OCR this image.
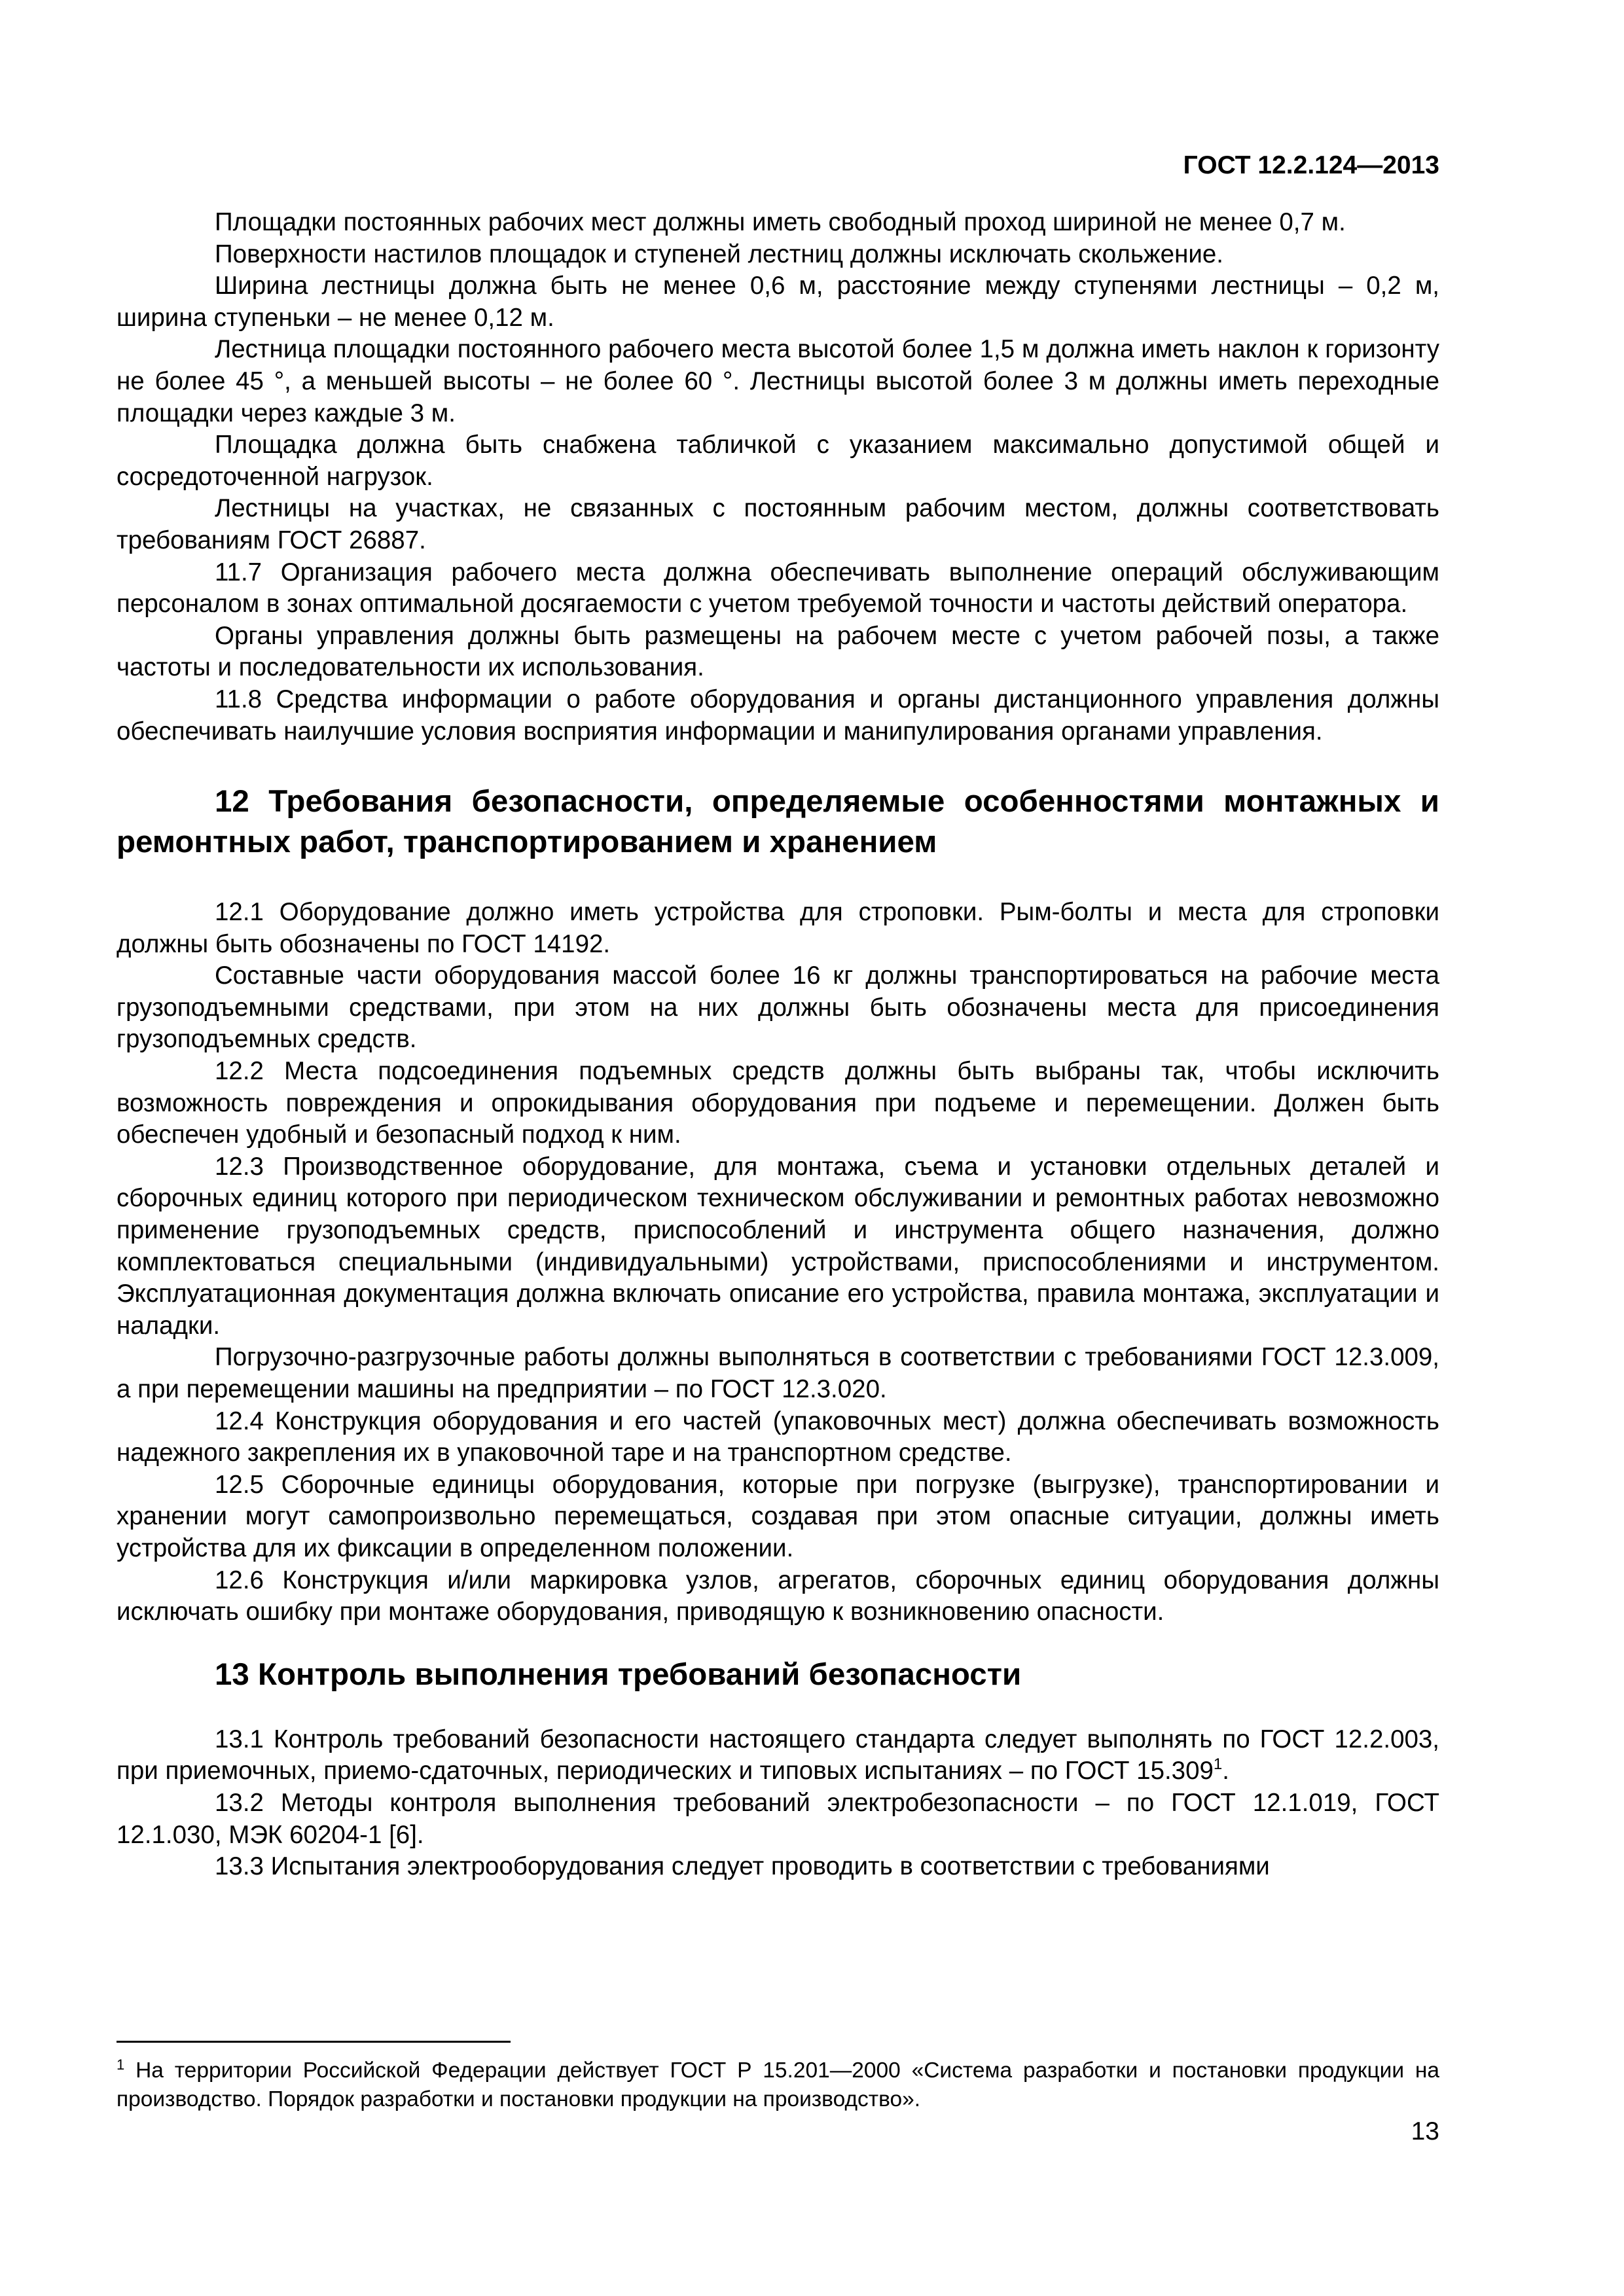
ГОСТ 12.2.124—2013

Площадки постоянных рабочих мест должны иметь свободный проход шириной не менее 0,7 м.

Поверхности настилов площадок и ступеней лестниц должны исключать скольжение.

Ширина лестницы должна быть не менее 0,6 м, расстояние между ступенями лестницы – 0,2 м, ширина ступеньки – не менее 0,12 м.

Лестница площадки постоянного рабочего места высотой более 1,5 м должна иметь наклон к горизонту не более 45 °, а меньшей высоты – не более 60 °. Лестницы высотой более 3 м должны иметь переходные площадки через каждые 3 м.

Площадка должна быть снабжена табличкой с указанием максимально допустимой общей и сосредоточенной нагрузок.

Лестницы на участках, не связанных с постоянным рабочим местом, должны соответствовать требованиям ГОСТ 26887.

11.7 Организация рабочего места должна обеспечивать выполнение операций обслуживающим персоналом в зонах оптимальной досягаемости с учетом требуемой точности и частоты действий оператора.

Органы управления должны быть размещены на рабочем месте с учетом рабочей позы, а также частоты и последовательности их использования.

11.8 Средства информации о работе оборудования и органы дистанционного управления должны обеспечивать наилучшие условия восприятия информации и манипулирования органами управления.

12 Требования безопасности, определяемые особенностями монтажных и ремонтных работ, транспортированием и хранением

12.1 Оборудование должно иметь устройства для строповки. Рым-болты и места для строповки должны быть обозначены по ГОСТ 14192.

Составные части оборудования массой более 16 кг должны транспортироваться на рабочие места грузоподъемными средствами, при этом на них должны быть обозначены места для присоединения грузоподъемных средств.

12.2 Места подсоединения подъемных средств должны быть выбраны так, чтобы исключить возможность повреждения и опрокидывания оборудования при подъеме и перемещении. Должен быть обеспечен удобный и безопасный подход к ним.

12.3 Производственное оборудование, для монтажа, съема и установки отдельных деталей и сборочных единиц которого при периодическом техническом обслуживании и ремонтных работах невозможно применение грузоподъемных средств, приспособлений и инструмента общего назначения, должно комплектоваться специальными (индивидуальными) устройствами, приспособлениями и инструментом. Эксплуатационная документация должна включать описание его устройства, правила монтажа, эксплуатации и наладки.

Погрузочно-разгрузочные работы должны выполняться в соответствии с требованиями ГОСТ 12.3.009, а при перемещении машины на предприятии – по ГОСТ 12.3.020.

12.4 Конструкция оборудования и его частей (упаковочных мест) должна обеспечивать возможность надежного закрепления их в упаковочной таре и на транспортном средстве.

12.5 Сборочные единицы оборудования, которые при погрузке (выгрузке), транспортировании и хранении могут самопроизвольно перемещаться, создавая при этом опасные ситуации, должны иметь устройства для их фиксации в определенном положении.

12.6 Конструкция и/или маркировка узлов, агрегатов, сборочных единиц оборудования должны исключать ошибку при монтаже оборудования, приводящую к возникновению опасности.

13 Контроль выполнения требований безопасности

13.1 Контроль требований безопасности настоящего стандарта следует выполнять по ГОСТ 12.2.003, при приемочных, приемо-сдаточных, периодических и типовых испытаниях – по ГОСТ 15.309$^1$.

13.2 Методы контроля выполнения требований электробезопасности – по ГОСТ 12.1.019, ГОСТ 12.1.030, МЭК 60204-1 [6].

13.3 Испытания электрооборудования следует проводить в соответствии с требованиями

$^1$ На территории Российской Федерации действует ГОСТ Р 15.201—2000 «Система разработки и постановки продукции на производство. Порядок разработки и постановки продукции на производство».
13
